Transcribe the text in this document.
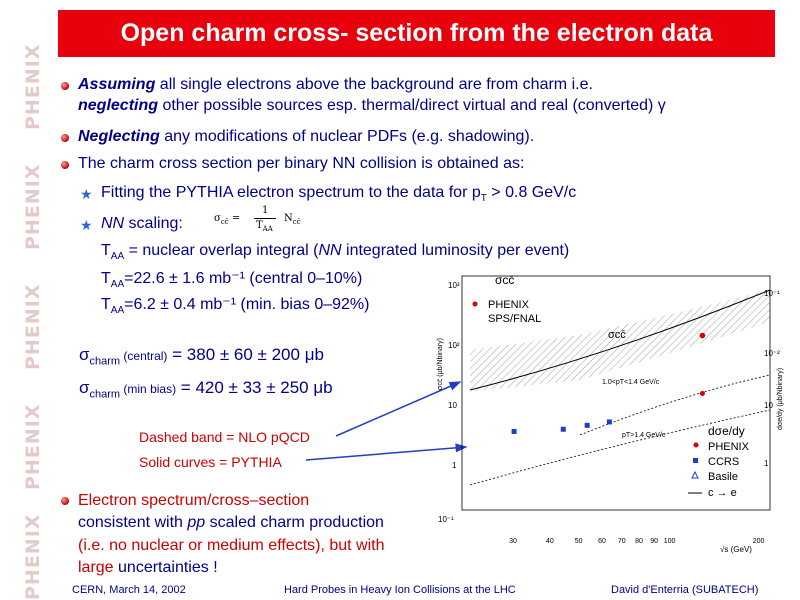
PHENIX
PHENIX
PHENIX
PHENIX
PHENIX
Open charm cross- section from the electron data
Assuming all single electrons above the background are from charm i.e.
neglecting other possible sources esp. thermal/direct virtual and real (converted) γ
Neglecting any modifications of nuclear PDFs (e.g. shadowing).
The charm cross section per binary NN collision is obtained as:
★ Fitting the PYTHIA electron spectrum to the data for $p_T > 0.8$ GeV/c
★ NN scaling:	$\sigma_{cc̄}$ =
1
$T_{AA}$
$N_{cc̄}$
$T_{AA}$ = nuclear overlap integral (NN integrated luminosity per event)
$T_{AA}=22.6 \pm 1.6$ mb⁻¹ (central 0–10%)
$T_{AA}=6.2 \pm 0.4$ mb⁻¹ (min. bias 0–92%)
$\sigma_{charm}$ (central) = 380 ± 60 ± 200 μb
$\sigma_{charm}$ (min bias) = 420 ± 33 ± 250 μb
Dashed band = NLO pQCD
Solid curves = PYTHIA
Electron spectrum/cross–section
consistent with pp scaled charm production
(i.e. no nuclear or medium effects), but with
large uncertainties !
σcc̄
PHENIX
SPS/FNAL
1.0<pT<1.4 GeV/c
pT>1.4 GeV/c
σcc̄
dσe/dy
PHENIX
CCRS
Basile
c → e
30	40	50 60 70 80 90 100	200
√s (GeV)
10
10²
10³
1
10⁻¹
10⁻¹
10⁻²
10
1
σcc̄ (μb/Nbinary)
dσe/dy (μb/Nbinary)
CERN, March 14, 2002	Hard Probes in Heavy Ion Collisions at the LHC	David d'Enterria (SUBATECH)
